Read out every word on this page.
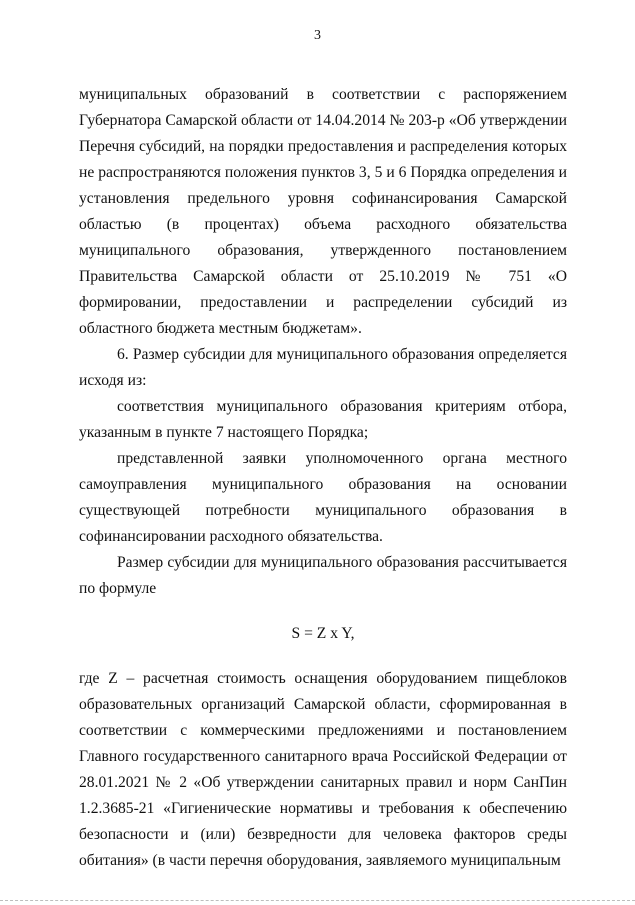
3

муниципальных образований в соответствии с распоряжением Губернатора Самарской области от 14.04.2014 № 203-р «Об утверждении Перечня субсидий, на порядки предоставления и распределения которых не распространяются положения пунктов 3, 5 и 6 Порядка определения и установления предельного уровня софинансирования Самарской областью (в процентах) объема расходного обязательства муниципального образования, утвержденного постановлением Правительства Самарской области от 25.10.2019 № 751 «О формировании, предоставлении и распределении субсидий из областного бюджета местным бюджетам».

6. Размер субсидии для муниципального образования определяется исходя из:

соответствия муниципального образования критериям отбора, указанным в пункте 7 настоящего Порядка;

представленной заявки уполномоченного органа местного самоуправления муниципального образования на основании существующей потребности муниципального образования в софинансировании расходного обязательства.

Размер субсидии для муниципального образования рассчитывается по формуле

S = Z x Y,

где Z – расчетная стоимость оснащения оборудованием пищеблоков образовательных организаций Самарской области, сформированная в соответствии с коммерческими предложениями и постановлением Главного государственного санитарного врача Российской Федерации от 28.01.2021 № 2 «Об утверждении санитарных правил и норм СанПин 1.2.3685-21 «Гигиенические нормативы и требования к обеспечению безопасности и (или) безвредности для человека факторов среды обитания» (в части перечня оборудования, заявляемого муниципальным
